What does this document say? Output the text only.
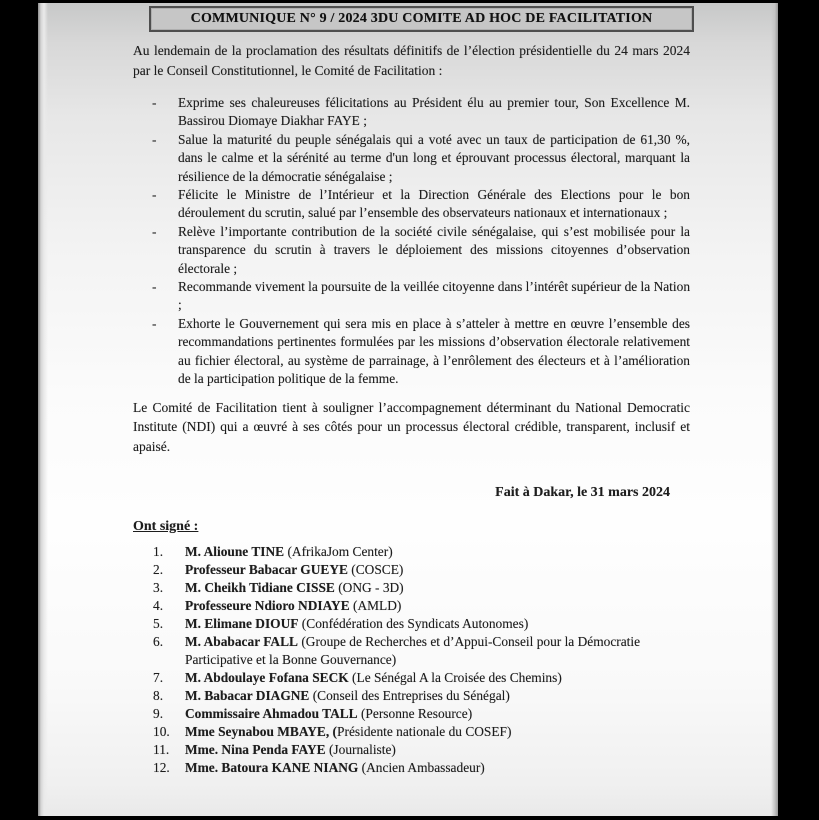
COMMUNIQUE N° 9 / 2024 3DU COMITE AD HOC DE FACILITATION

Au lendemain de la proclamation des résultats définitifs de l’élection présidentielle du 24 mars 2024 par le Conseil Constitutionnel, le Comité de Facilitation :

- Exprime ses chaleureuses félicitations au Président élu au premier tour, Son Excellence M. Bassirou Diomaye Diakhar FAYE ;
- Salue la maturité du peuple sénégalais qui a voté avec un taux de participation de 61,30 %, dans le calme et la sérénité au terme d'un long et éprouvant processus électoral, marquant la résilience de la démocratie sénégalaise ;
- Félicite le Ministre de l’Intérieur et la Direction Générale des Elections pour le bon déroulement du scrutin, salué par l’ensemble des observateurs nationaux et internationaux ;
- Relève l’importante contribution de la société civile sénégalaise, qui s’est mobilisée pour la transparence du scrutin à travers le déploiement des missions citoyennes d’observation électorale ;
- Recommande vivement la poursuite de la veillée citoyenne dans l’intérêt supérieur de la Nation ;
- Exhorte le Gouvernement qui sera mis en place à s’atteler à mettre en œuvre l’ensemble des recommandations pertinentes formulées par les missions d’observation électorale relativement au fichier électoral, au système de parrainage, à l’enrôlement des électeurs et à l’amélioration de la participation politique de la femme.

Le Comité de Facilitation tient à souligner l’accompagnement déterminant du National Democratic Institute (NDI) qui a œuvré à ses côtés pour un processus électoral crédible, transparent, inclusif et apaisé.

Fait à Dakar, le 31 mars 2024

Ont signé :

1.	M. Alioune TINE (AfrikaJom Center)
2.	Professeur Babacar GUEYE (COSCE)
3.	M. Cheikh Tidiane CISSE (ONG - 3D)
4.	Professeure Ndioro NDIAYE (AMLD)
5.	M. Elimane DIOUF (Confédération des Syndicats Autonomes)
6.	M. Ababacar FALL (Groupe de Recherches et d’Appui-Conseil pour la Démocratie Participative et la Bonne Gouvernance)
7.	M. Abdoulaye Fofana SECK (Le Sénégal A la Croisée des Chemins)
8.	M. Babacar DIAGNE (Conseil des Entreprises du Sénégal)
9.	Commissaire Ahmadou TALL (Personne Resource)
10.	Mme Seynabou MBAYE, (Présidente nationale du COSEF)
11.	Mme. Nina Penda FAYE (Journaliste)
12.	Mme. Batoura KANE NIANG (Ancien Ambassadeur)
